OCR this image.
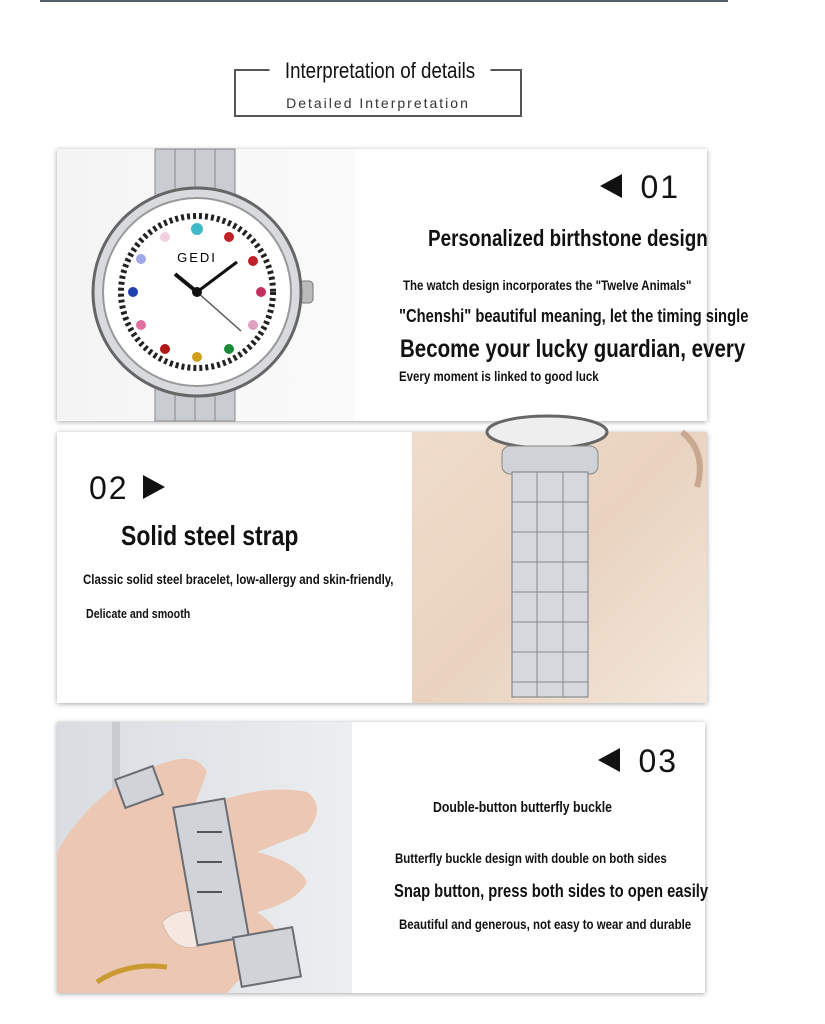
Interpretation of details
Detailed Interpretation
GEDI
01
Personalized birthstone design
The watch design incorporates the "Twelve Animals"
"Chenshi" beautiful meaning, let the timing single
Become your lucky guardian, every
Every moment is linked to good luck
02
Solid steel strap
Classic solid steel bracelet, low-allergy and skin-friendly,
Delicate and smooth
03
Double-button butterfly buckle
Butterfly buckle design with double on both sides
Snap button, press both sides to open easily
Beautiful and generous, not easy to wear and durable
